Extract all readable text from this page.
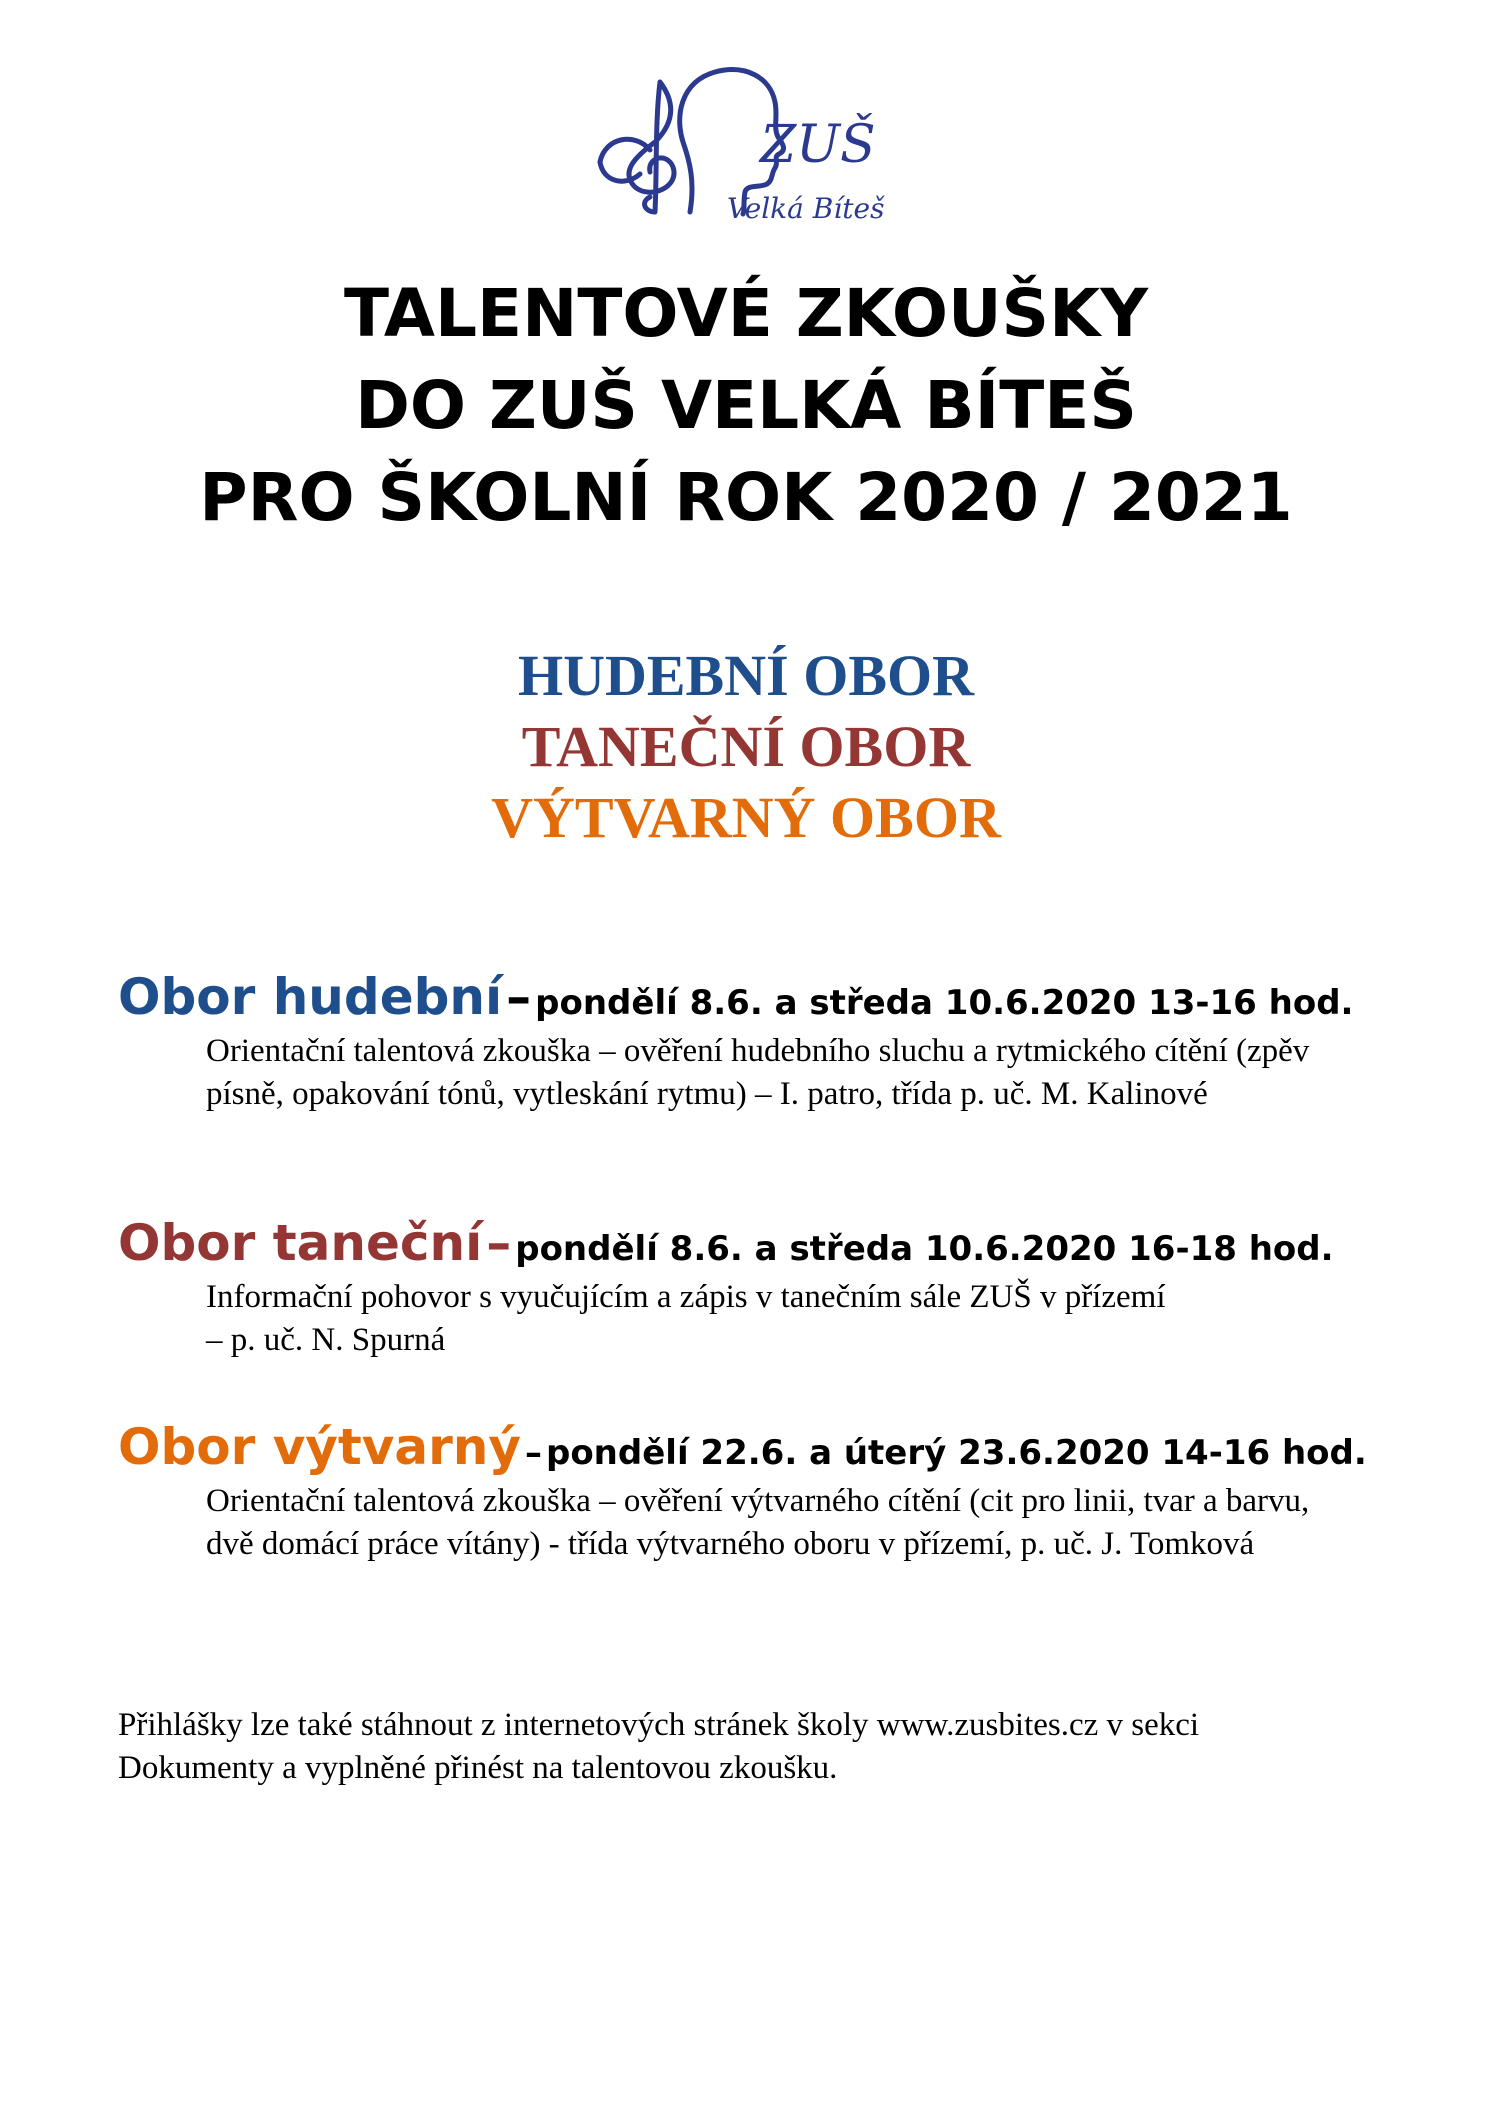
ZUŠ
Velká Bíteš
TALENTOVÉ ZKOUŠKY
DO ZUŠ VELKÁ BÍTEŠ
PRO ŠKOLNÍ ROK 2020 / 2021
HUDEBNÍ OBOR
TANEČNÍ OBOR
VÝTVARNÝ OBOR
Obor hudební – pondělí 8.6. a středa 10.6.2020 13-16 hod.
Orientační talentová zkouška – ověření hudebního sluchu a rytmického cítění (zpěv
písně, opakování tónů, vytleskání rytmu) – I. patro, třída p. uč. M. Kalinové
Obor taneční – pondělí 8.6. a středa 10.6.2020 16-18 hod.
Informační pohovor s vyučujícím a zápis v tanečním sále ZUŠ v přízemí
– p. uč. N. Spurná
Obor výtvarný – pondělí 22.6. a úterý 23.6.2020 14-16 hod.
Orientační talentová zkouška – ověření výtvarného cítění (cit pro linii, tvar a barvu,
dvě domácí práce vítány) - třída výtvarného oboru v přízemí, p. uč. J. Tomková
Přihlášky lze také stáhnout z internetových stránek školy www.zusbites.cz v sekci
Dokumenty a vyplněné přinést na talentovou zkoušku.
